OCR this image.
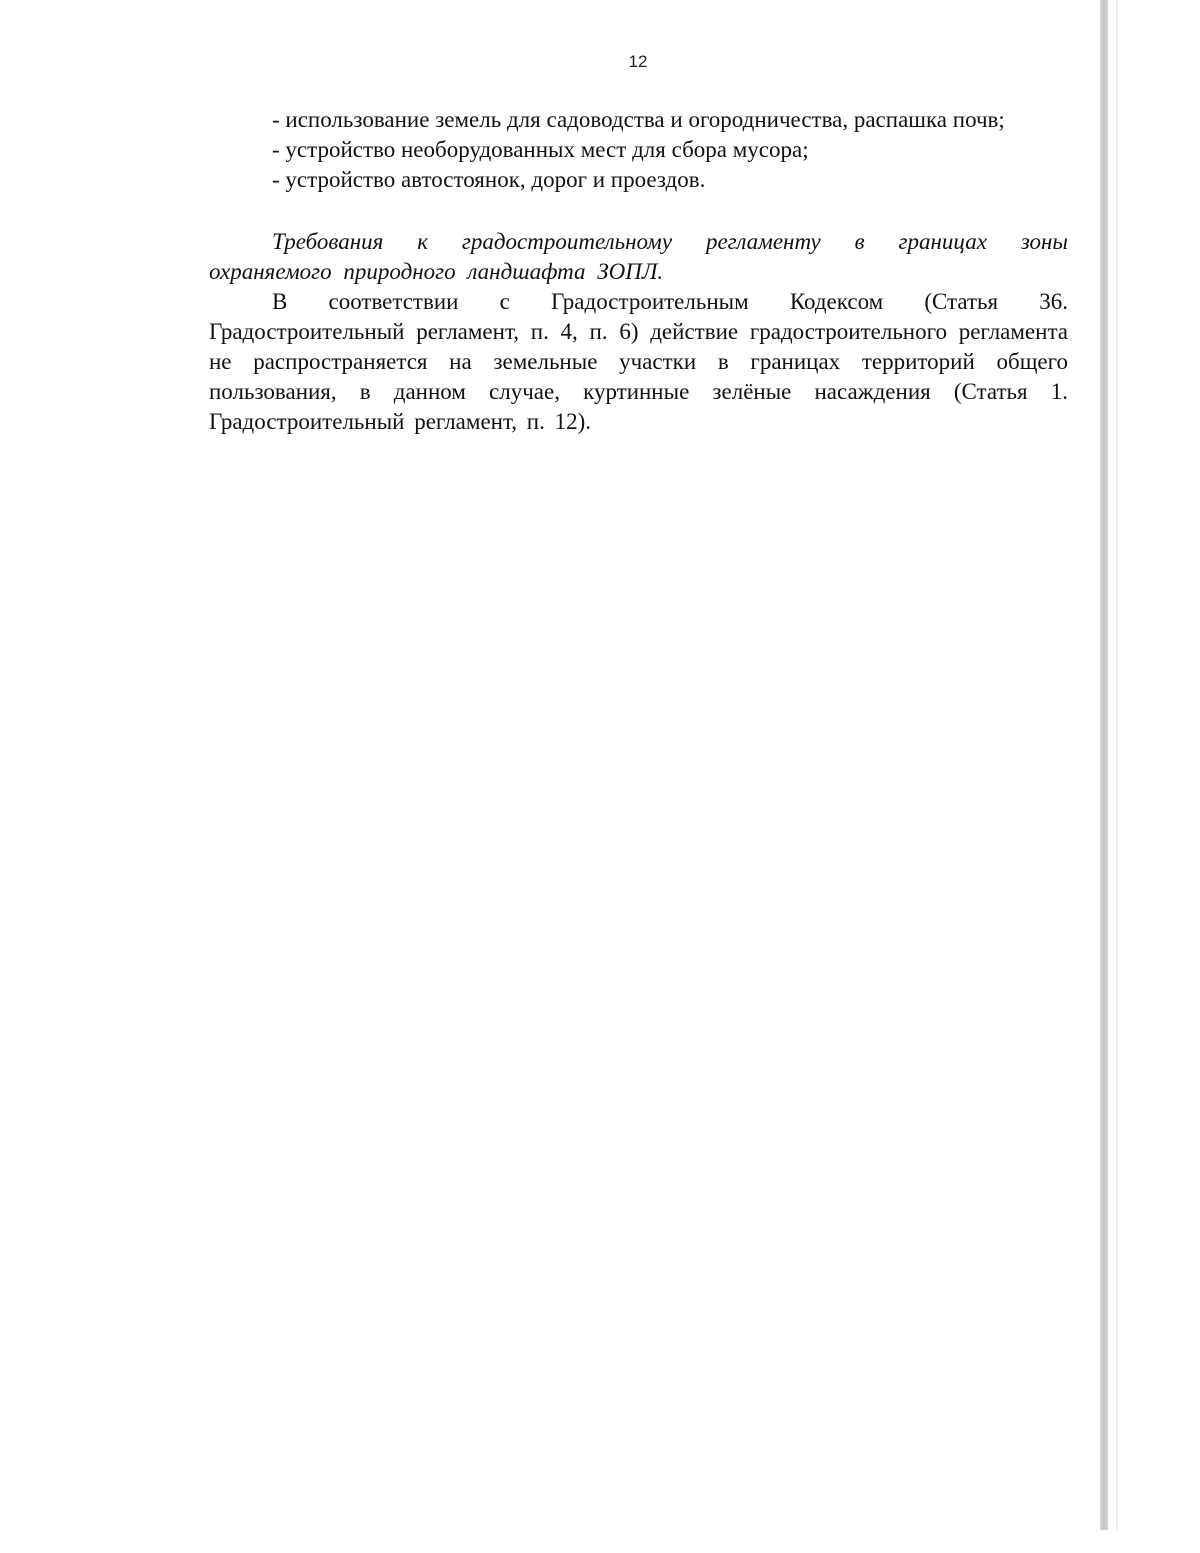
12

- использование земель для садоводства и огородничества, распашка почв;

- устройство необорудованных мест для сбора мусора;

- устройство автостоянок, дорог и проездов.

Требования к градостроительному регламенту в границах зоны охраняемого природного ландшафта ЗОПЛ.

В соответствии с Градостроительным Кодексом (Статья 36. Градостроительный регламент, п. 4, п. 6) действие градостроительного регламента не распространяется на земельные участки в границах территорий общего пользования, в данном случае, куртинные зелёные насаждения (Статья 1. Градостроительный регламент, п. 12).
